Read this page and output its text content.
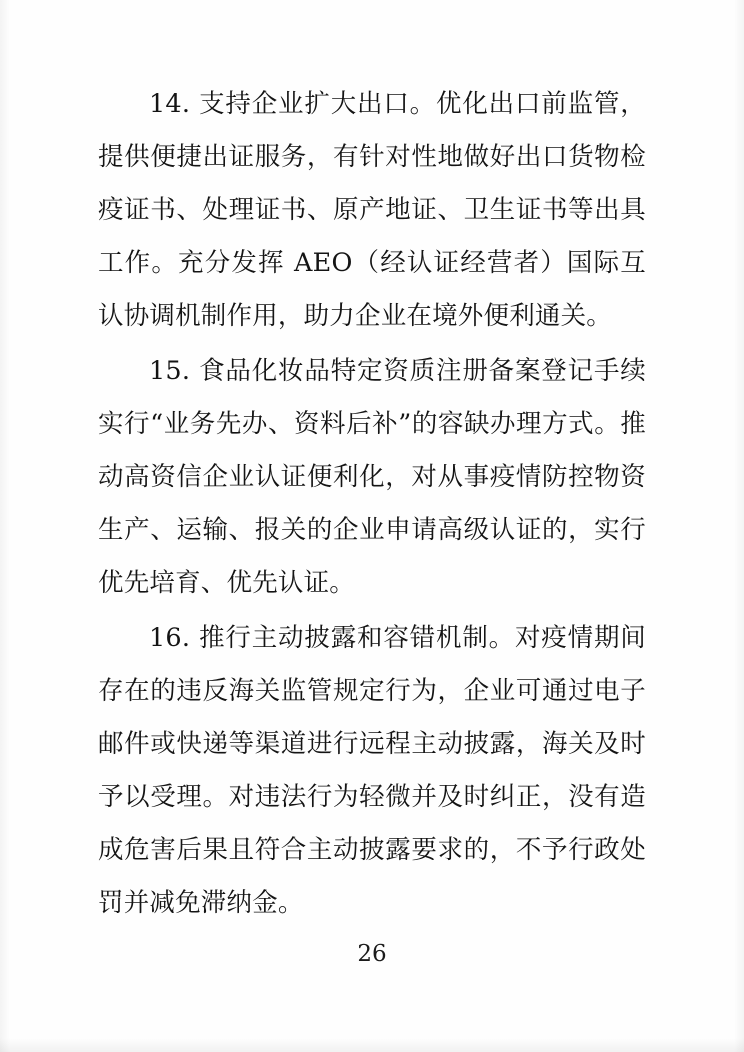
14. 支持企业扩大出口。优化出口前监管，提供便捷出证服务，有针对性地做好出口货物检疫证书、处理证书、原产地证、卫生证书等出具工作。充分发挥 AEO（经认证经营者）国际互认协调机制作用，助力企业在境外便利通关。

15. 食品化妆品特定资质注册备案登记手续实行“业务先办、资料后补”的容缺办理方式。推动高资信企业认证便利化，对从事疫情防控物资生产、运输、报关的企业申请高级认证的，实行优先培育、优先认证。

16. 推行主动披露和容错机制。对疫情期间存在的违反海关监管规定行为，企业可通过电子邮件或快递等渠道进行远程主动披露，海关及时予以受理。对违法行为轻微并及时纠正，没有造成危害后果且符合主动披露要求的，不予行政处罚并减免滞纳金。

26
